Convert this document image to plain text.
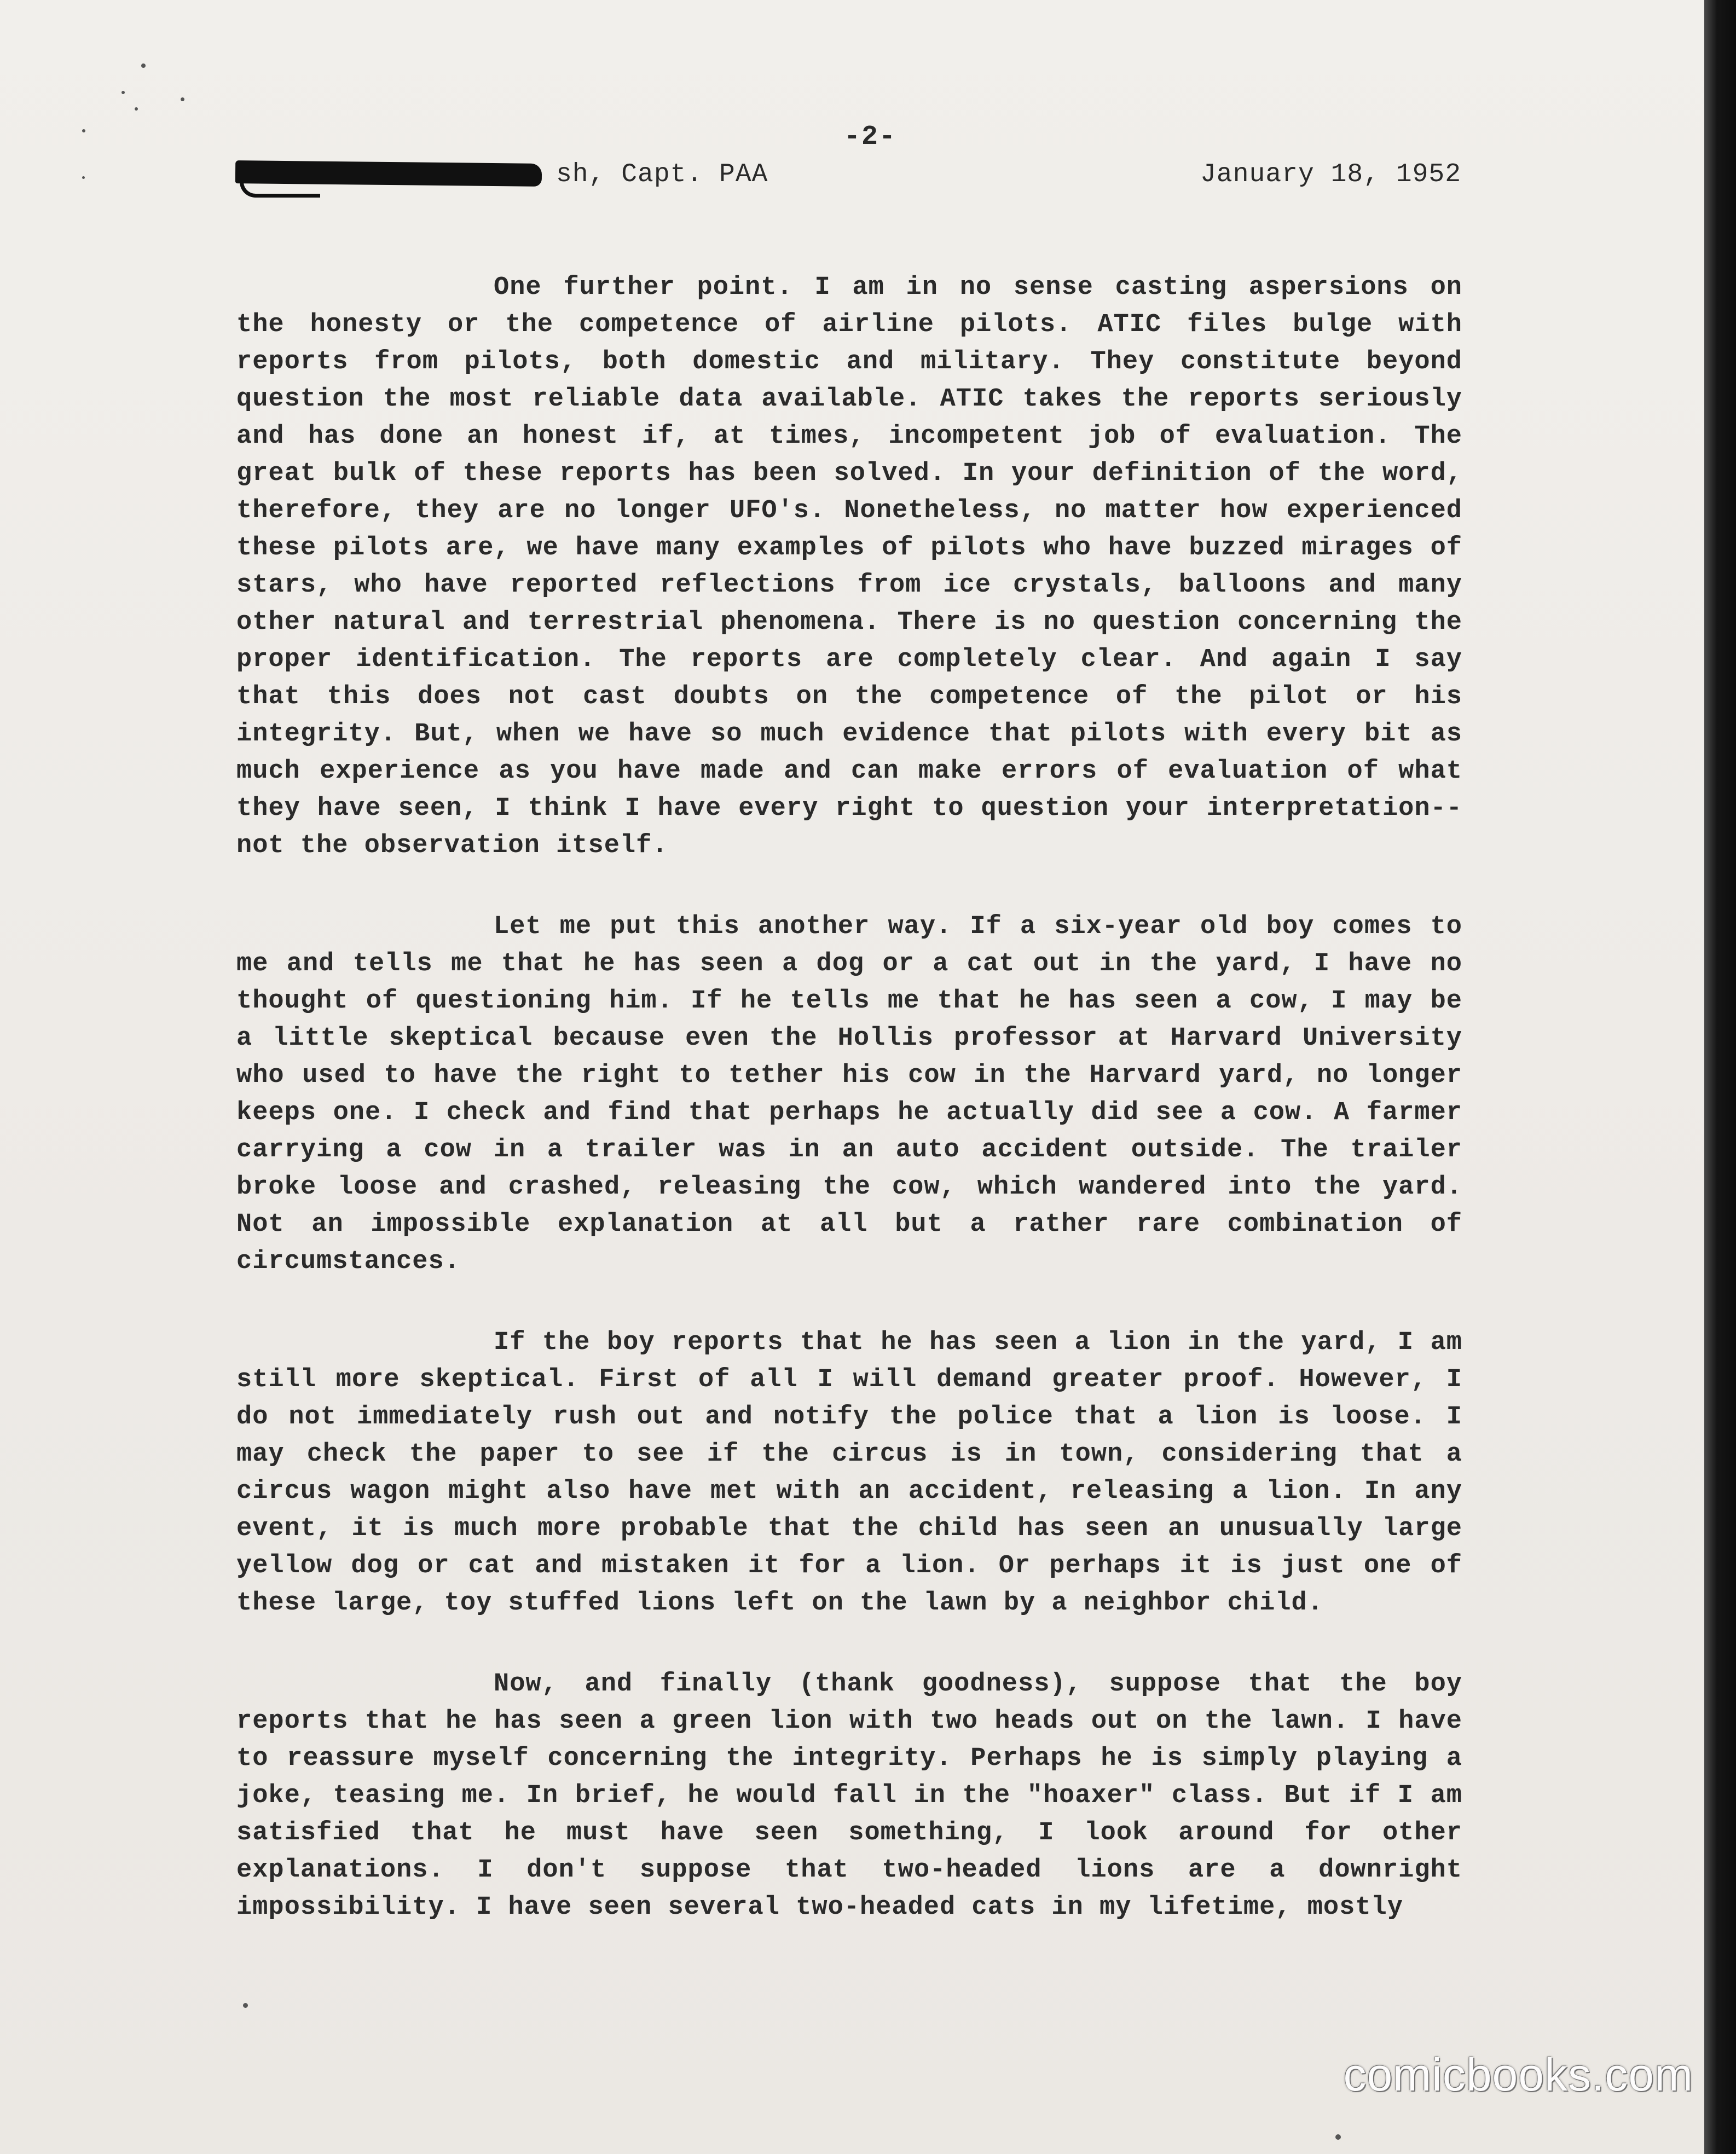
-2-
sh, Capt. PAA	January 18, 1952

One further point. I am in no sense casting aspersions on the honesty or the competence of airline pilots. ATIC files bulge with reports from pilots, both domestic and military. They constitute beyond question the most reliable data available. ATIC takes the reports seriously and has done an honest if, at times, incompetent job of evaluation. The great bulk of these reports has been solved. In your definition of the word, therefore, they are no longer UFO's. Nonetheless, no matter how experienced these pilots are, we have many examples of pilots who have buzzed mirages of stars, who have reported reflections from ice crystals, balloons and many other natural and terrestrial phenomena. There is no question concerning the proper identification. The reports are completely clear. And again I say that this does not cast doubts on the competence of the pilot or his integrity. But, when we have so much evidence that pilots with every bit as much experience as you have made and can make errors of evaluation of what they have seen, I think I have every right to question your interpretation--not the observation itself.

Let me put this another way. If a six-year old boy comes to me and tells me that he has seen a dog or a cat out in the yard, I have no thought of questioning him. If he tells me that he has seen a cow, I may be a little skeptical because even the Hollis professor at Harvard University who used to have the right to tether his cow in the Harvard yard, no longer keeps one. I check and find that perhaps he actually did see a cow. A farmer carrying a cow in a trailer was in an auto accident outside. The trailer broke loose and crashed, releasing the cow, which wandered into the yard. Not an impossible explanation at all but a rather rare combination of circumstances.

If the boy reports that he has seen a lion in the yard, I am still more skeptical. First of all I will demand greater proof. However, I do not immediately rush out and notify the police that a lion is loose. I may check the paper to see if the circus is in town, considering that a circus wagon might also have met with an accident, releasing a lion. In any event, it is much more probable that the child has seen an unusually large yellow dog or cat and mistaken it for a lion. Or perhaps it is just one of these large, toy stuffed lions left on the lawn by a neighbor child.

Now, and finally (thank goodness), suppose that the boy reports that he has seen a green lion with two heads out on the lawn. I have to reassure myself concerning the integrity. Perhaps he is simply playing a joke, teasing me. In brief, he would fall in the "hoaxer" class. But if I am satisfied that he must have seen something, I look around for other explanations. I don't suppose that two-headed lions are a downright impossibility. I have seen several two-headed cats in my lifetime, mostly

comicbooks.com
